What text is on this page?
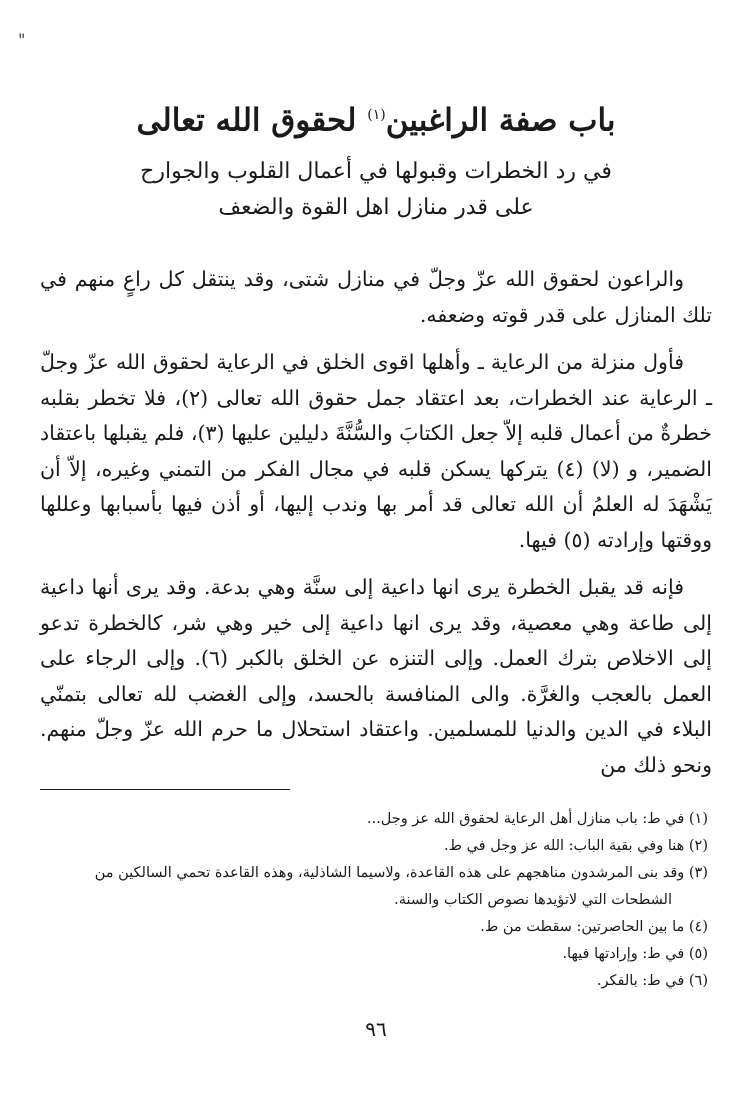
"
باب صفة الراغبين$^{(١)}$ لحقوق الله تعالى

في رد الخطرات وقبولها في أعمال القلوب والجوارح

على قدر منازل اهل القوة والضعف

والراعون لحقوق الله عزّ وجلّ في منازل شتى، وقد ينتقل كل راعٍ منهم في تلك المنازل على قدر قوته وضعفه.

فأول منزلة من الرعاية ـ وأهلها اقوى الخلق في الرعاية لحقوق الله عزّ وجلّ ـ الرعاية عند الخطرات، بعد اعتقاد جمل حقوق الله تعالى (٢)، فلا تخطر بقلبه خطرةٌ من أعمال قلبه إلاّ جعل الكتابَ والسُّنَّةَ دليلين عليها (٣)، فلم يقبلها باعتقاد الضمير، و (لا) (٤) يتركها يسكن قلبه في مجال الفكر من التمني وغيره، إلاّ أن يَشْهَدَ له العلمُ أن الله تعالى قد أمر بها وندب إليها، أو أذن فيها بأسبابها وعللها ووقتها وإرادته (٥) فيها.

فإنه قد يقبل الخطرة يرى انها داعية إلى سنَّة وهي بدعة. وقد يرى أنها داعية إلى طاعة وهي معصية، وقد يرى انها داعية إلى خير وهي شر، كالخطرة تدعو إلى الاخلاص بترك العمل. وإلى التنزه عن الخلق بالكبر (٦). وإلى الرجاء على العمل بالعجب والغرَّة. والى المنافسة بالحسد، وإلى الغضب لله تعالى بتمنّي البلاء في الدين والدنيا للمسلمين. واعتقاد استحلال ما حرم الله عزّ وجلّ منهم. ونحو ذلك من

(١) في ط: باب منازل أهل الرعاية لحقوق الله عز وجل...

(٢) هنا وفي بقية الباب: الله عز وجل في ط.

(٣) وقد بنى المرشدون مناهجهم على هذه القاعدة، ولاسيما الشاذلية، وهذه القاعدة تحمي السالكين من الشطحات التي لاتؤيدها نصوص الكتاب والسنة.

(٤) ما بين الحاصرتين: سقطت من ط.

(٥) في ط: وإرادتها فيها.

(٦) في ط: بالفكر.

٩٦
